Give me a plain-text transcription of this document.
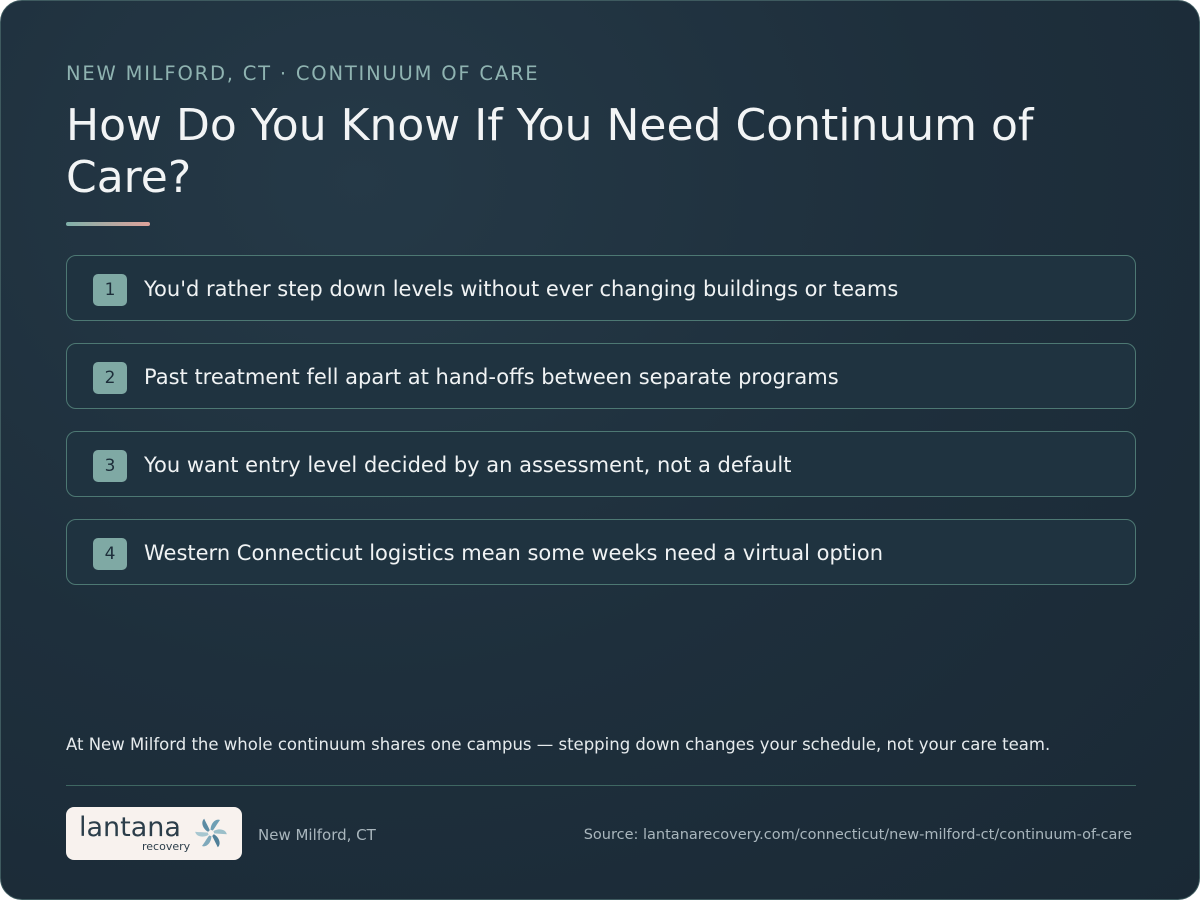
NEW MILFORD, CT · CONTINUUM OF CARE
How Do You Know If You Need Continuum of Care?
1	You'd rather step down levels without ever changing buildings or teams
2	Past treatment fell apart at hand-offs between separate programs
3	You want entry level decided by an assessment, not a default
4	Western Connecticut logistics mean some weeks need a virtual option
At New Milford the whole continuum shares one campus — stepping down changes your schedule, not your care team.
lantana
recovery
New Milford, CT	Source: lantanarecovery.com/connecticut/new-milford-ct/continuum-of-care
